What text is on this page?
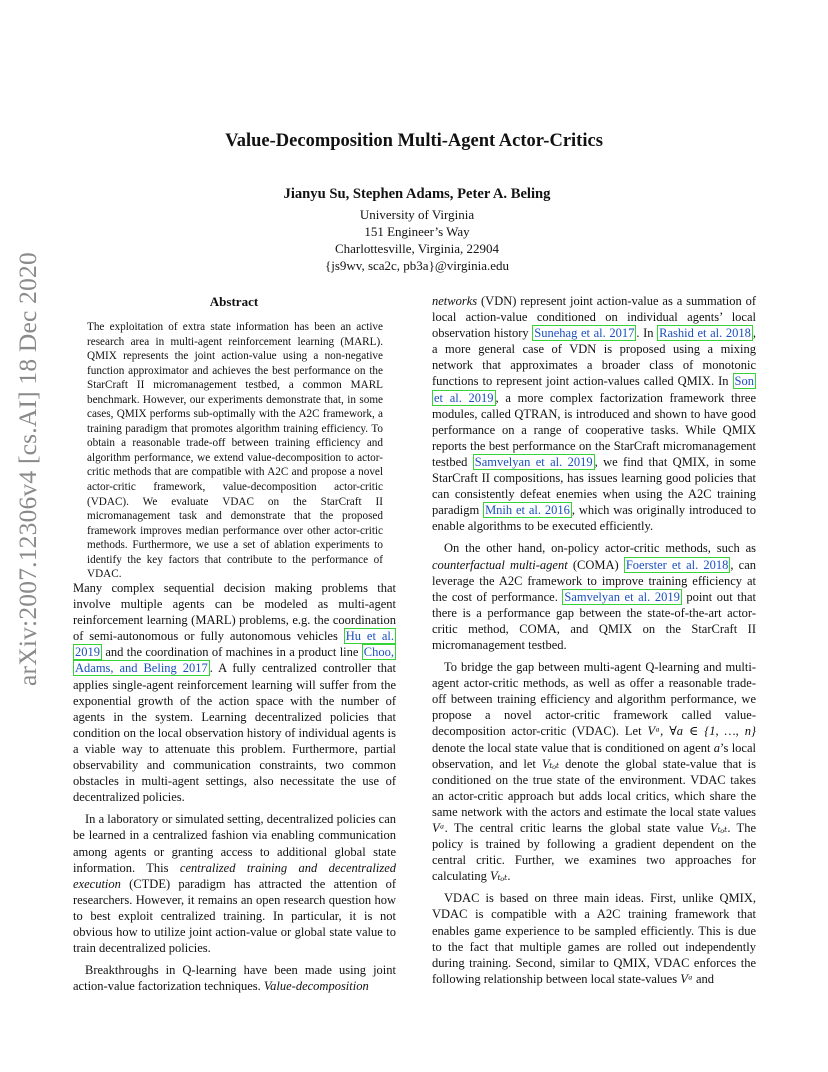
arXiv:2007.12306v4 [cs.AI] 18 Dec 2020
Value-Decomposition Multi-Agent Actor-Critics
Jianyu Su, Stephen Adams, Peter A. Beling
University of Virginia
151 Engineer’s Way
Charlottesville, Virginia, 22904
{js9wv, sca2c, pb3a}@virginia.edu
Abstract
The exploitation of extra state information has been an active research area in multi-agent reinforcement learning (MARL). QMIX represents the joint action-value using a non-negative function approximator and achieves the best performance on the StarCraft II micromanagement testbed, a common MARL benchmark. However, our experiments demonstrate that, in some cases, QMIX performs sub-optimally with the A2C framework, a training paradigm that promotes algorithm training efficiency. To obtain a reasonable trade-off between training efficiency and algorithm performance, we extend value-decomposition to actor-critic methods that are compatible with A2C and propose a novel actor-critic framework, value-decomposition actor-critic (VDAC). We evaluate VDAC on the StarCraft II micromanagement task and demonstrate that the proposed framework improves median performance over other actor-critic methods. Furthermore, we use a set of ablation experiments to identify the key factors that contribute to the performance of VDAC.

Many complex sequential decision making problems that involve multiple agents can be modeled as multi-agent reinforcement learning (MARL) problems, e.g. the coordination of semi-autonomous or fully autonomous vehicles Hu et al. 2019 and the coordination of machines in a product line Choo, Adams, and Beling 2017 . A fully centralized controller that applies single-agent reinforcement learning will suffer from the exponential growth of the action space with the number of agents in the system. Learning decentralized policies that condition on the local observation history of individual agents is a viable way to attenuate this problem. Furthermore, partial observability and communication constraints, two common obstacles in multi-agent settings, also necessitate the use of decentralized policies.

In a laboratory or simulated setting, decentralized policies can be learned in a centralized fashion via enabling communication among agents or granting access to additional global state information. This centralized training and decentralized execution (CTDE) paradigm has attracted the attention of researchers. However, it remains an open research question how to best exploit centralized training. In particular, it is not obvious how to utilize joint action-value or global state value to train decentralized policies.

Breakthroughs in Q-learning have been made using joint action-value factorization techniques. Value-decomposition

networks (VDN) represent joint action-value as a summation of local action-value conditioned on individual agents’ local observation history Sunehag et al. 2017 . In Rashid et al. 2018 , a more general case of VDN is proposed using a mixing network that approximates a broader class of monotonic functions to represent joint action-values called QMIX. In Son et al. 2019 , a more complex factorization framework three modules, called QTRAN, is introduced and shown to have good performance on a range of cooperative tasks. While QMIX reports the best performance on the StarCraft micromanagement testbed Samvelyan et al. 2019 , we find that QMIX, in some StarCraft II compositions, has issues learning good policies that can consistently defeat enemies when using the A2C training paradigm Mnih et al. 2016 , which was originally introduced to enable algorithms to be executed efficiently.

On the other hand, on-policy actor-critic methods, such as counterfactual multi-agent (COMA) Foerster et al. 2018 , can leverage the A2C framework to improve training efficiency at the cost of performance. Samvelyan et al. 2019 point out that there is a performance gap between the state-of-the-art actor-critic method, COMA, and QMIX on the StarCraft II micromanagement testbed.

To bridge the gap between multi-agent Q-learning and multi-agent actor-critic methods, as well as offer a reasonable trade-off between training efficiency and algorithm performance, we propose a novel actor-critic framework called value-decomposition actor-critic (VDAC). Let Vᵃ, ∀a ∈ {1, …, n} denote the local state value that is conditioned on agent a’s local observation, and let Vₜₒₜ denote the global state-value that is conditioned on the true state of the environment. VDAC takes an actor-critic approach but adds local critics, which share the same network with the actors and estimate the local state values Vᵃ. The central critic learns the global state value Vₜₒₜ. The policy is trained by following a gradient dependent on the central critic. Further, we examines two approaches for calculating Vₜₒₜ.

VDAC is based on three main ideas. First, unlike QMIX, VDAC is compatible with a A2C training framework that enables game experience to be sampled efficiently. This is due to the fact that multiple games are rolled out independently during training. Second, similar to QMIX, VDAC enforces the following relationship between local state-values Vᵃ and
